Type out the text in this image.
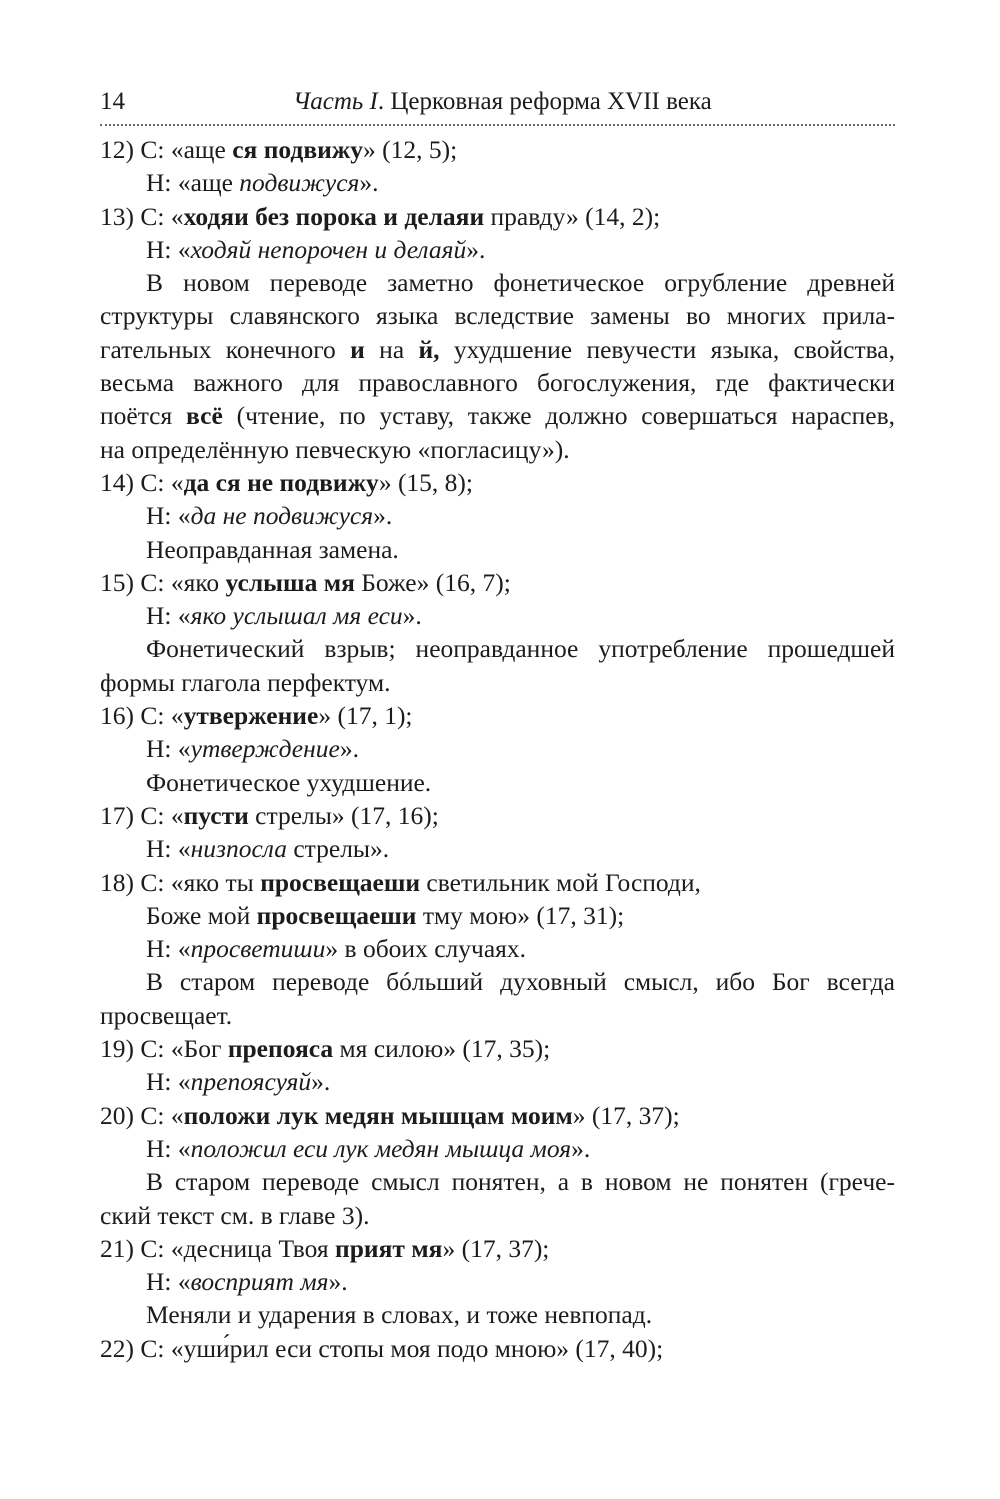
14	Часть I. Церковная реформа XVII века
12) С: «аще ся подвижу» (12, 5);
Н: «аще подвижуся».
13) С: «ходяи без порока и делаяи правду» (14, 2);
Н: «ходяй непорочен и делаяй».
В новом переводе заметно фонетическое огрубление древней
структуры славянского языка вследствие замены во многих прила-
гательных конечного и на й, ухудшение певучести языка, свойства,
весьма важного для православного богослужения, где фактически
поётся всё (чтение, по уставу, также должно совершаться нараспев,
на определённую певческую «погласицу»).
14) С: «да ся не подвижу» (15, 8);
Н: «да не подвижуся».
Неоправданная замена.
15) С: «яко услыша мя Боже» (16, 7);
Н: «яко услышал мя еси».
Фонетический взрыв; неоправданное употребление прошедшей
формы глагола перфектум.
16) С: «утвержение» (17, 1);
Н: «утверждение».
Фонетическое ухудшение.
17) С: «пусти стрелы» (17, 16);
Н: «низпосла стрелы».
18) С: «яко ты просвещаеши светильник мой Господи,
Боже мой просвещаеши тму мою» (17, 31);
Н: «просветиши» в обоих случаях.
В старом переводе бóльший духовный смысл, ибо Бог всегда
просвещает.
19) С: «Бог препояса мя силою» (17, 35);
Н: «препоясуяй».
20) С: «положи лук медян мышцам моим» (17, 37);
Н: «положил еси лук медян мышца моя».
В старом переводе смысл понятен, а в новом не понятен (грече-
ский текст см. в главе 3).
21) С: «десница Твоя прият мя» (17, 37);
Н: «восприят мя».
Меняли и ударения в словах, и тоже невпопад.
22) С: «уши́рил еси стопы моя подо мною» (17, 40);
